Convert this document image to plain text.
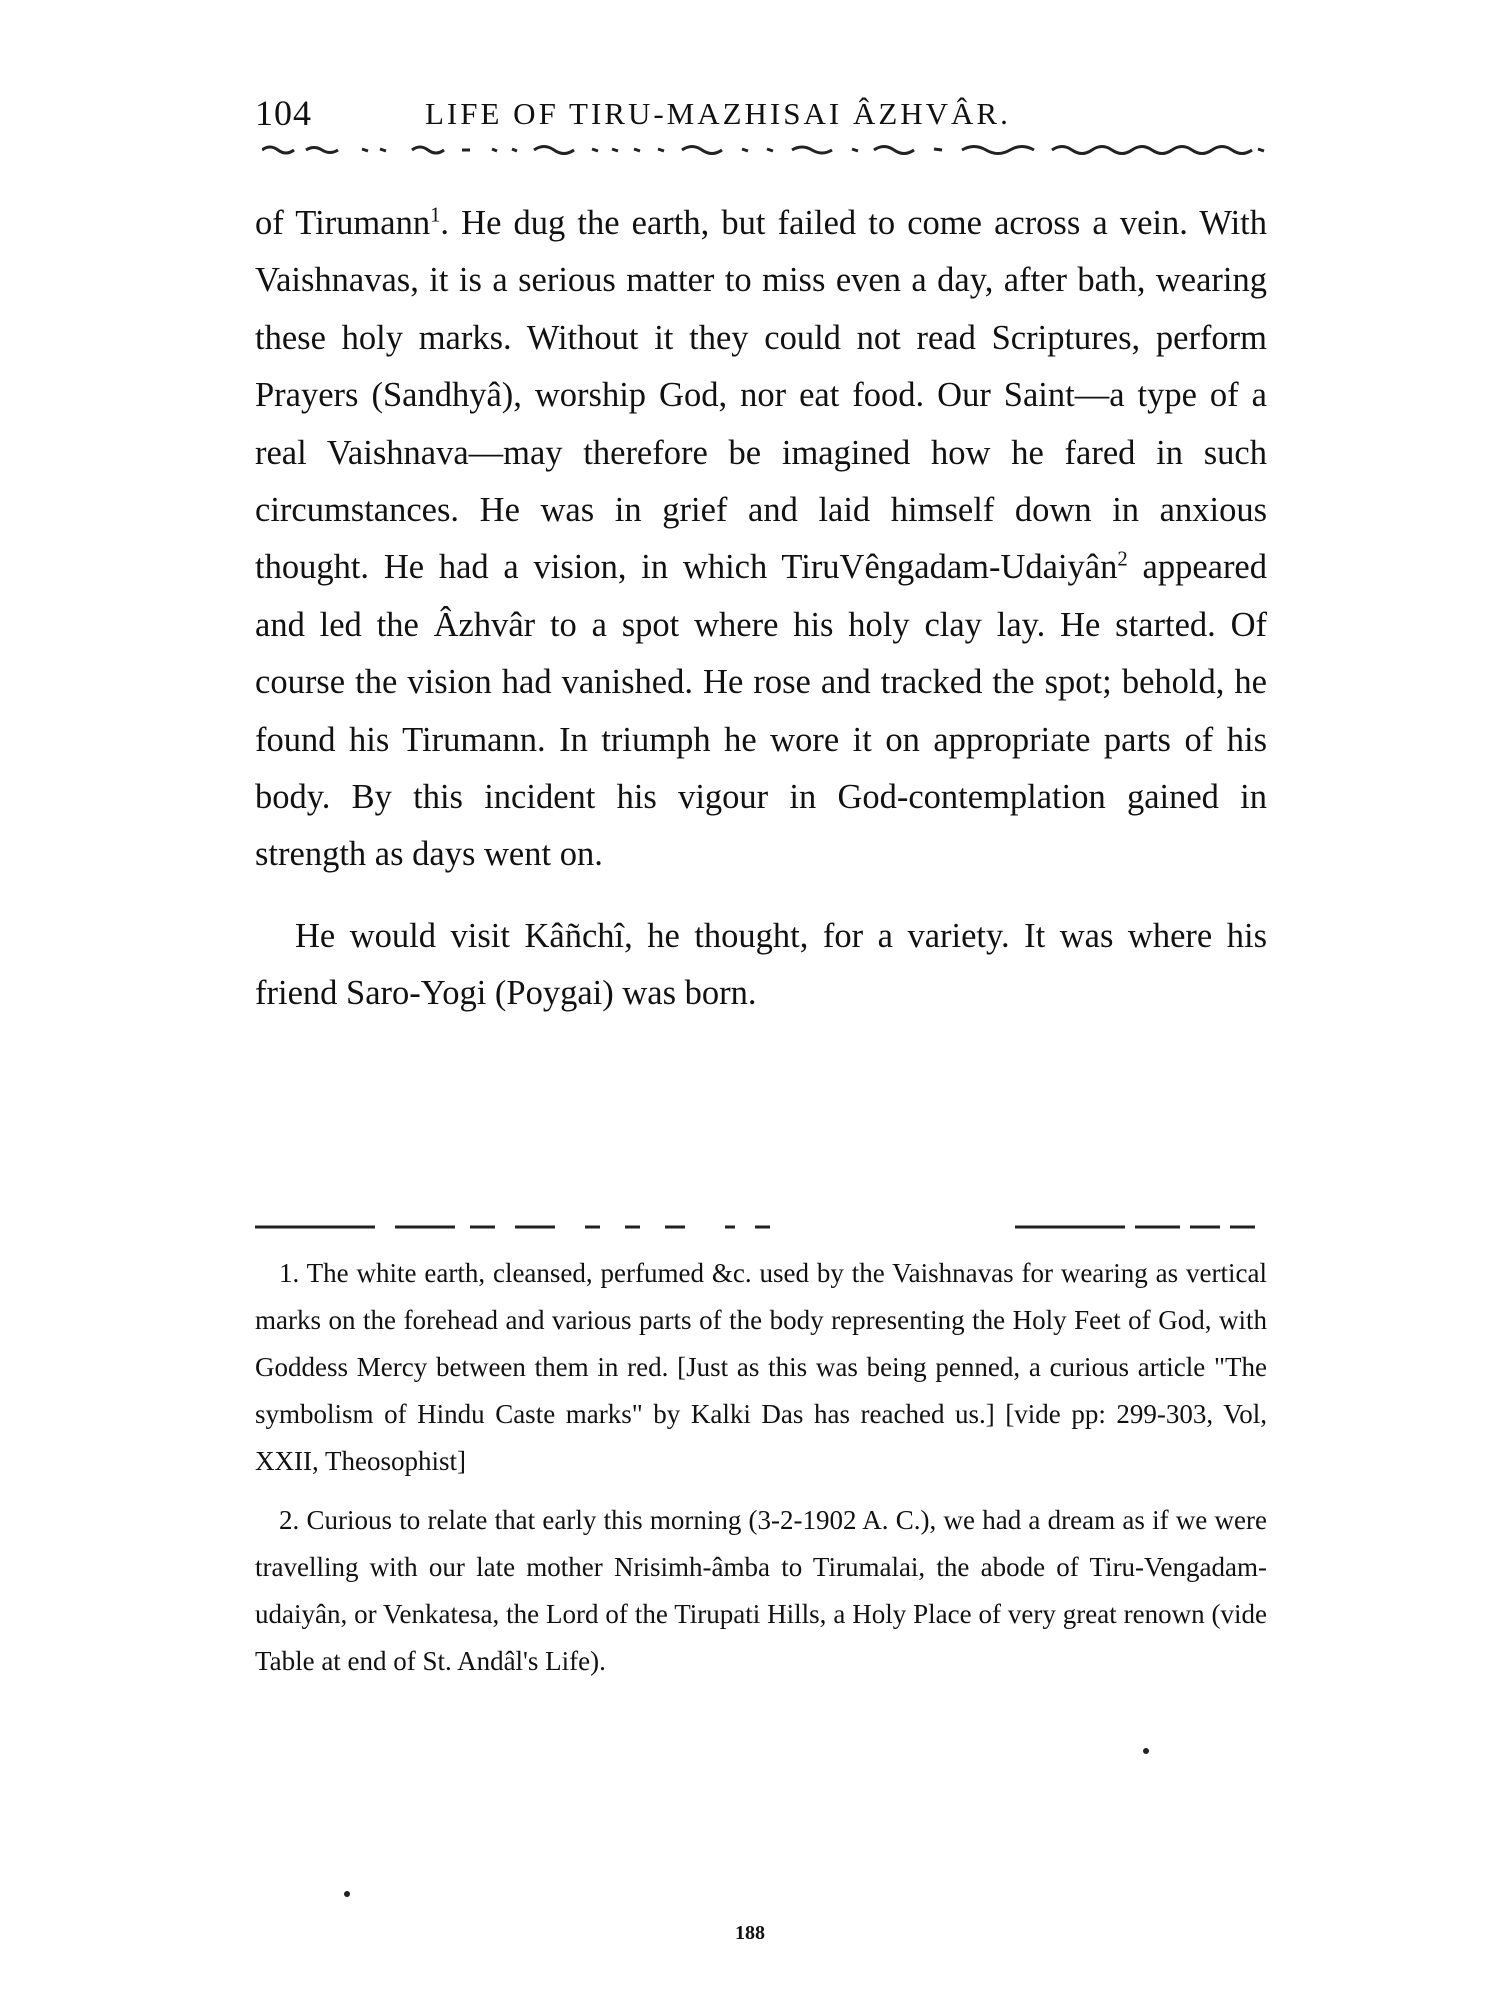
104	LIFE OF TIRU-MAZHISAI ÂZHVÂR.

of Tirumann$^1$. He dug the earth, but failed to come across a vein. With Vaishnavas, it is a serious matter to miss even a day, after bath, wearing these holy marks. Without it they could not read Scriptures, perform Prayers (Sandhyâ), worship God, nor eat food. Our Saint—a type of a real Vaishnava—may therefore be imagined how he fared in such circumstances. He was in grief and laid himself down in anxious thought. He had a vision, in which TiruVêngadam-Udaiyân$^2$ appeared and led the Âzhvâr to a spot where his holy clay lay. He started. Of course the vision had vanished. He rose and tracked the spot; behold, he found his Tirumann. In triumph he wore it on appropriate parts of his body. By this incident his vigour in God-contemplation gained in strength as days went on.

He would visit Kâñchî, he thought, for a variety. It was where his friend Saro-Yogi (Poygai) was born.

1. The white earth, cleansed, perfumed &c. used by the Vaishnavas for wearing as vertical marks on the forehead and various parts of the body representing the Holy Feet of God, with Goddess Mercy between them in red. [Just as this was being penned, a curious article "The symbolism of Hindu Caste marks" by Kalki Das has reached us.] [vide pp: 299-303, Vol, XXII, Theosophist]

2. Curious to relate that early this morning (3-2-1902 A. C.), we had a dream as if we were travelling with our late mother Nrisimh-âmba to Tirumalai, the abode of Tiru-Vengadam-udaiyân, or Venkatesa, the Lord of the Tirupati Hills, a Holy Place of very great renown (vide Table at end of St. Andâl's Life).

188
